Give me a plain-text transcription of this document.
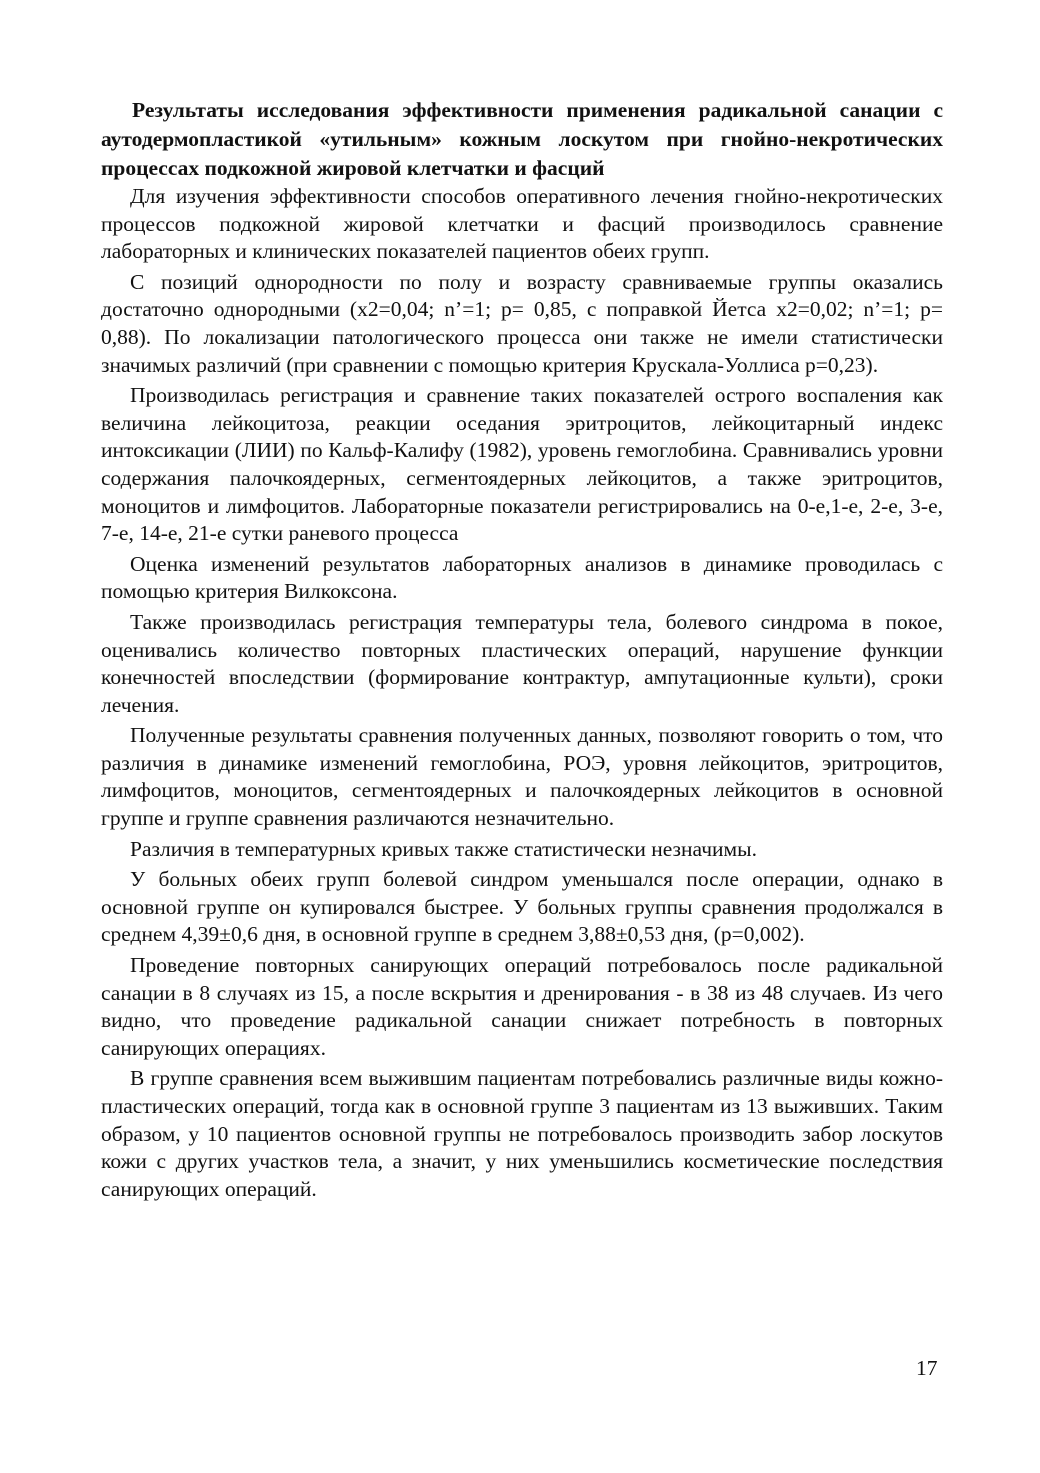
Результаты исследования эффективности применения радикальной санации с аутодермопластикой «утильным» кожным лоскутом при гнойно-некротических процессах подкожной жировой клетчатки и фасций

Для изучения эффективности способов оперативного лечения гнойно-некротических процессов подкожной жировой клетчатки и фасций производилось сравнение лабораторных и клинических показателей пациентов обеих групп.

С позиций однородности по полу и возрасту сравниваемые группы оказались достаточно однородными (x2=0,04; n’=1; p= 0,85, с поправкой Йетса x2=0,02; n’=1; p= 0,88). По локализации патологического процесса они также не имели статистически значимых различий (при сравнении с помощью критерия Крускала-Уоллиса p=0,23).

Производилась регистрация и сравнение таких показателей острого воспаления как величина лейкоцитоза, реакции оседания эритроцитов, лейкоцитарный индекс интоксикации (ЛИИ) по Кальф-Калифу (1982), уровень гемоглобина. Сравнивались уровни содержания палочкоядерных, сегментоядерных лейкоцитов, а также эритроцитов, моноцитов и лимфоцитов. Лабораторные показатели регистрировались на 0-е,1-е, 2-е, 3-е, 7-е, 14-е, 21-е сутки раневого процесса

Оценка изменений результатов лабораторных анализов в динамике проводилась с помощью критерия Вилкоксона.

Также производилась регистрация температуры тела, болевого синдрома в покое, оценивались количество повторных пластических операций, нарушение функции конечностей впоследствии (формирование контрактур, ампутационные культи), сроки лечения.

Полученные результаты сравнения полученных данных, позволяют говорить о том, что различия в динамике изменений гемоглобина, РОЭ, уровня лейкоцитов, эритроцитов, лимфоцитов, моноцитов, сегментоядерных и палочкоядерных лейкоцитов в основной группе и группе сравнения различаются незначительно.

Различия в температурных кривых также статистически незначимы.

У больных обеих групп болевой синдром уменьшался после операции, однако в основной группе он купировался быстрее. У больных группы сравнения продолжался в среднем 4,39±0,6 дня, в основной группе в среднем 3,88±0,53 дня, (p=0,002).

Проведение повторных санирующих операций потребовалось после радикальной санации в 8 случаях из 15, а после вскрытия и дренирования - в 38 из 48 случаев. Из чего видно, что проведение радикальной санации снижает потребность в повторных санирующих операциях.

В группе сравнения всем выжившим пациентам потребовались различные виды кожно-пластических операций, тогда как в основной группе 3 пациентам из 13 выживших. Таким образом, у 10 пациентов основной группы не потребовалось производить забор лоскутов кожи с других участков тела, а значит, у них уменьшились косметические последствия санирующих операций.

17
